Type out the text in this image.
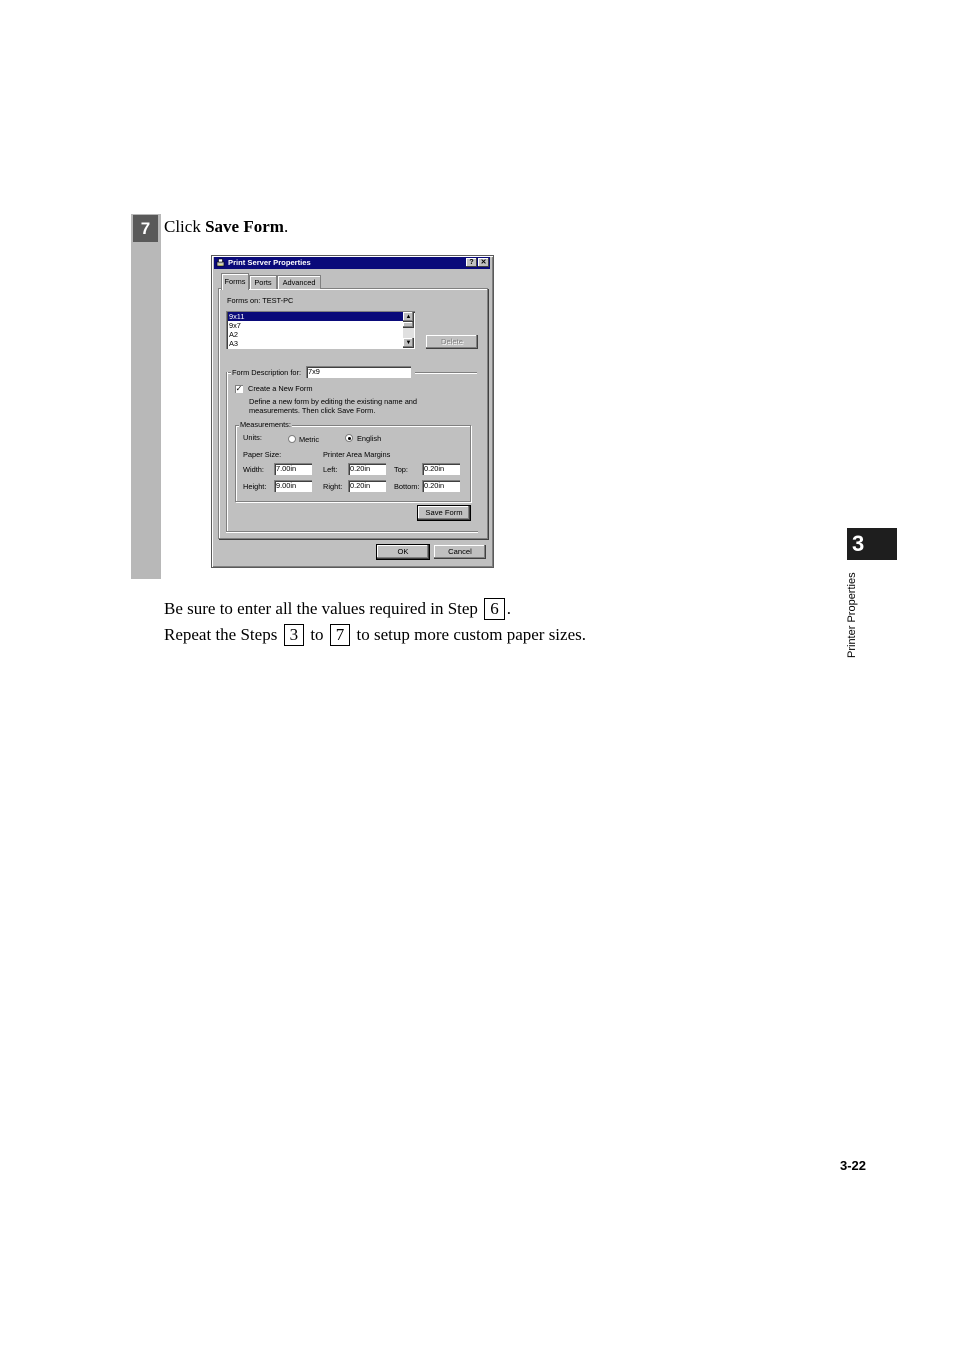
7 Click Save Form.
Print Server Properties	? ✕
Forms	Ports	Advanced
Forms on: TEST-PC
9x11
9x7
A2
A3
▲
▼	Delete
Form Description for: 7x9
✓ Create a New Form
Define a new form by editing the existing name and
measurements. Then click Save Form.
Measurements:
Units:	Metric	English
Paper Size:	Printer Area Margins
Width: 7.00in	Left: 0.20in	Top: 0.20in
Height: 9.00in	Right: 0.20in	Bottom: 0.20in
Save Form
OK	Cancel
Be sure to enter all the values required in Step 6 .
Repeat the Steps 3 to 7 to setup more custom paper sizes.
3
Printer Properties
3-22
